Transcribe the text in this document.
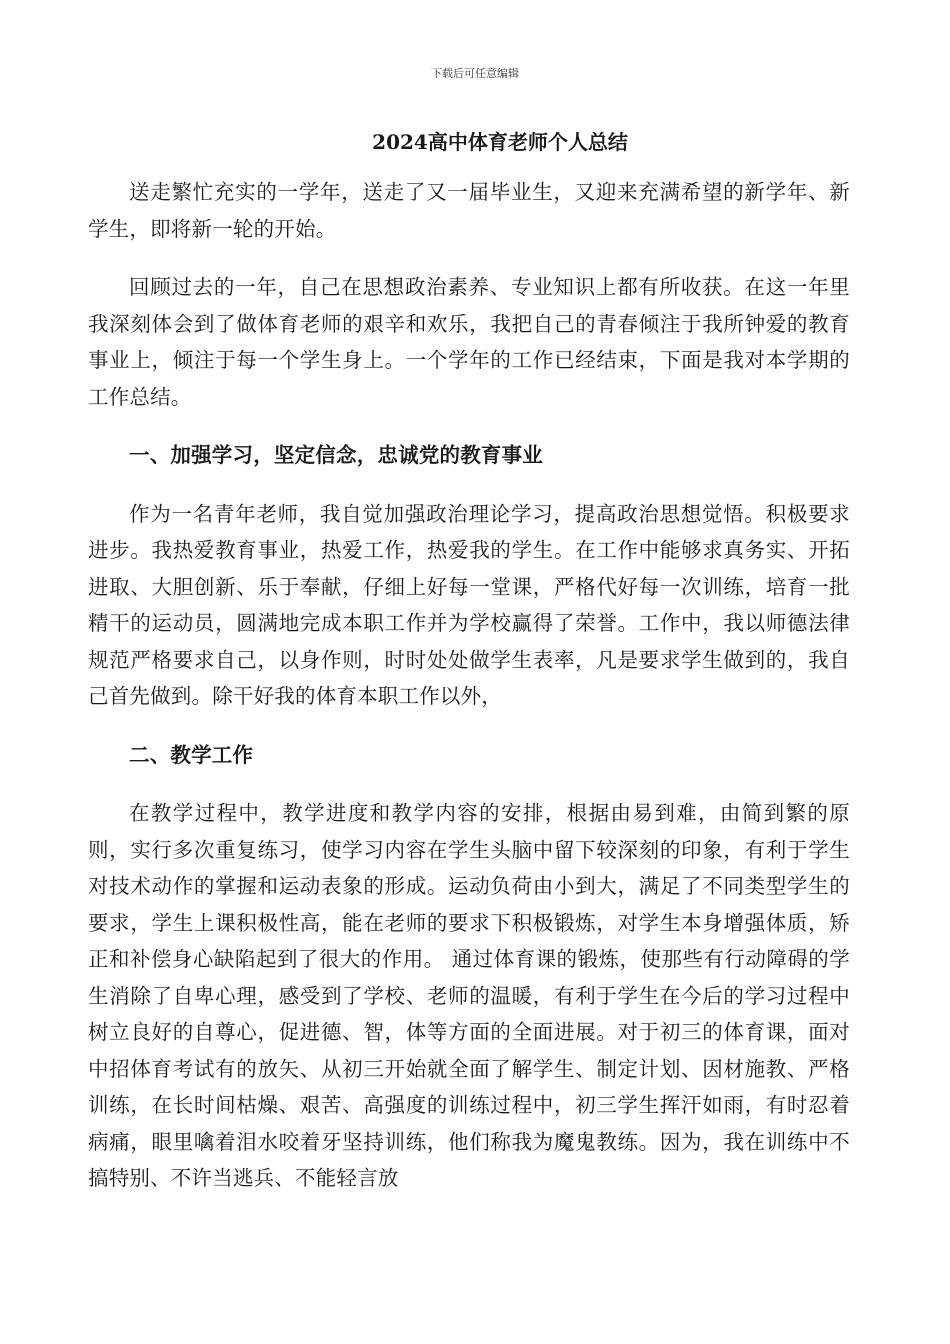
下载后可任意编辑
2024高中体育老师个人总结

送走繁忙充实的一学年，送走了又一届毕业生，又迎来充满希望的新学年、新学生，即将新一轮的开始。

回顾过去的一年，自己在思想政治素养、专业知识上都有所收获。在这一年里我深刻体会到了做体育老师的艰辛和欢乐，我把自己的青春倾注于我所钟爱的教育事业上，倾注于每一个学生身上。一个学年的工作已经结束，下面是我对本学期的工作总结。

一、加强学习，坚定信念，忠诚党的教育事业

作为一名青年老师，我自觉加强政治理论学习，提高政治思想觉悟。积极要求进步。我热爱教育事业，热爱工作，热爱我的学生。在工作中能够求真务实、开拓进取、大胆创新、乐于奉献，仔细上好每一堂课，严格代好每一次训练，培育一批精干的运动员，圆满地完成本职工作并为学校赢得了荣誉。工作中，我以师德法律规范严格要求自己，以身作则，时时处处做学生表率，凡是要求学生做到的，我自己首先做到。除干好我的体育本职工作以外，

二、教学工作

在教学过程中，教学进度和教学内容的安排，根据由易到难，由简到繁的原则，实行多次重复练习，使学习内容在学生头脑中留下较深刻的印象，有利于学生对技术动作的掌握和运动表象的形成。运动负荷由小到大，满足了不同类型学生的要求，学生上课积极性高，能在老师的要求下积极锻炼，对学生本身增强体质，矫正和补偿身心缺陷起到了很大的作用。 通过体育课的锻炼，使那些有行动障碍的学生消除了自卑心理，感受到了学校、老师的温暖，有利于学生在今后的学习过程中树立良好的自尊心，促进德、智，体等方面的全面进展。对于初三的体育课，面对中招体育考试有的放矢、从初三开始就全面了解学生、制定计划、因材施教、严格训练，在长时间枯燥、艰苦、高强度的训练过程中，初三学生挥汗如雨，有时忍着病痛，眼里噙着泪水咬着牙坚持训练，他们称我为魔鬼教练。因为，我在训练中不搞特别、不许当逃兵、不能轻言放
